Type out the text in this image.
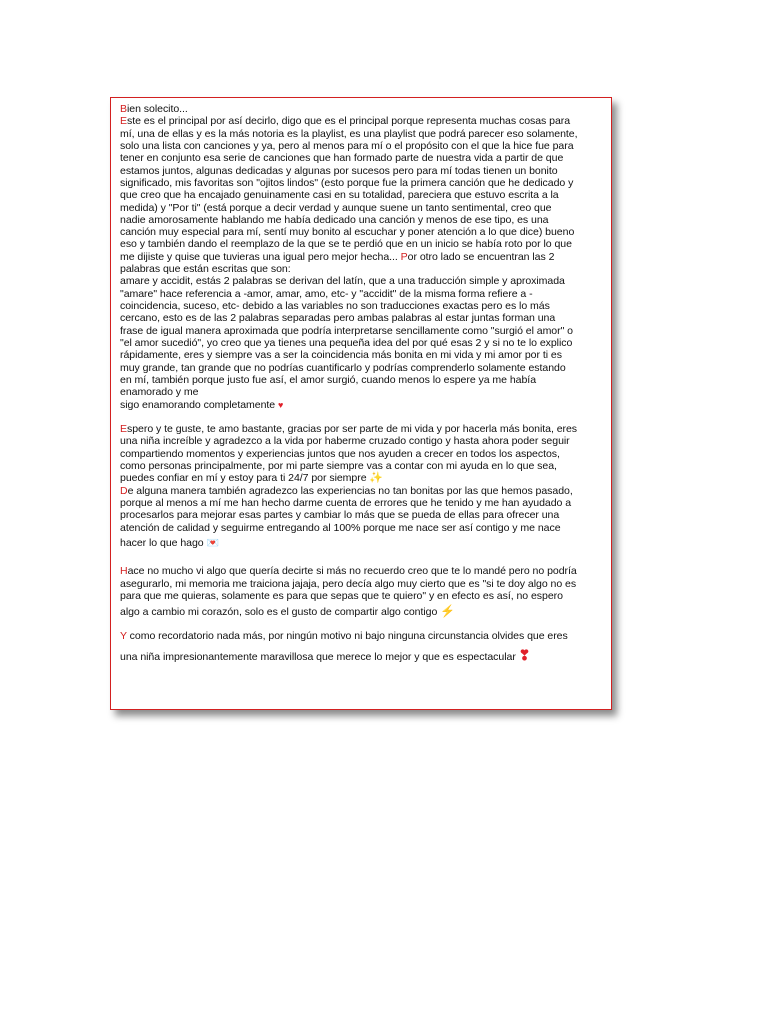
Bien solecito...
Este es el principal por así decirlo, digo que es el principal porque representa muchas cosas para
mí, una de ellas y es la más notoria es la playlist, es una playlist que podrá parecer eso solamente,
solo una lista con canciones y ya, pero al menos para mí o el propósito con el que la hice fue para
tener en conjunto esa serie de canciones que han formado parte de nuestra vida a partir de que
estamos juntos, algunas dedicadas y algunas por sucesos pero para mí todas tienen un bonito
significado, mis favoritas son "ojitos lindos" (esto porque fue la primera canción que he dedicado y
que creo que ha encajado genuinamente casi en su totalidad, pareciera que estuvo escrita a la
medida) y "Por ti" (está porque a decir verdad y aunque suene un tanto sentimental, creo que
nadie amorosamente hablando me había dedicado una canción y menos de ese tipo, es una
canción muy especial para mí, sentí muy bonito al escuchar y poner atención a lo que dice) bueno
eso y también dando el reemplazo de la que se te perdió que en un inicio se había roto por lo que
me dijiste y quise que tuvieras una igual pero mejor hecha... Por otro lado se encuentran las 2
palabras que están escritas que son:
amare y accidit, estás 2 palabras se derivan del latín, que a una traducción simple y aproximada
"amare" hace referencia a -amor, amar, amo, etc- y "accidit" de la misma forma refiere a -
coincidencia, suceso, etc- debido a las variables no son traducciones exactas pero es lo más
cercano, esto es de las 2 palabras separadas pero ambas palabras al estar juntas forman una
frase de igual manera aproximada que podría interpretarse sencillamente como "surgió el amor" o
"el amor sucedió", yo creo que ya tienes una pequeña idea del por qué esas 2 y si no te lo explico
rápidamente, eres y siempre vas a ser la coincidencia más bonita en mi vida y mi amor por ti es
muy grande, tan grande que no podrías cuantificarlo y podrías comprenderlo solamente estando
en mí, también porque justo fue así, el amor surgió, cuando menos lo espere ya me había
enamorado y me
sigo enamorando completamente ♥
Espero y te guste, te amo bastante, gracias por ser parte de mi vida y por hacerla más bonita, eres
una niña increíble y agradezco a la vida por haberme cruzado contigo y hasta ahora poder seguir
compartiendo momentos y experiencias juntos que nos ayuden a crecer en todos los aspectos,
como personas principalmente, por mi parte siempre vas a contar con mi ayuda en lo que sea,
puedes confiar en mí y estoy para ti 24/7 por siempre ✨
De alguna manera también agradezco las experiencias no tan bonitas por las que hemos pasado,
porque al menos a mí me han hecho darme cuenta de errores que he tenido y me han ayudado a
procesarlos para mejorar esas partes y cambiar lo más que se pueda de ellas para ofrecer una
atención de calidad y seguirme entregando al 100% porque me nace ser así contigo y me nace
hacer lo que hago 💌
Hace no mucho vi algo que quería decirte si más no recuerdo creo que te lo mandé pero no podría
asegurarlo, mi memoria me traiciona jajaja, pero decía algo muy cierto que es "si te doy algo no es
para que me quieras, solamente es para que sepas que te quiero" y en efecto es así, no espero
algo a cambio mi corazón, solo es el gusto de compartir algo contigo ⚡
Y como recordatorio nada más, por ningún motivo ni bajo ninguna circunstancia olvides que eres
una niña impresionantemente maravillosa que merece lo mejor y que es espectacular ❣
